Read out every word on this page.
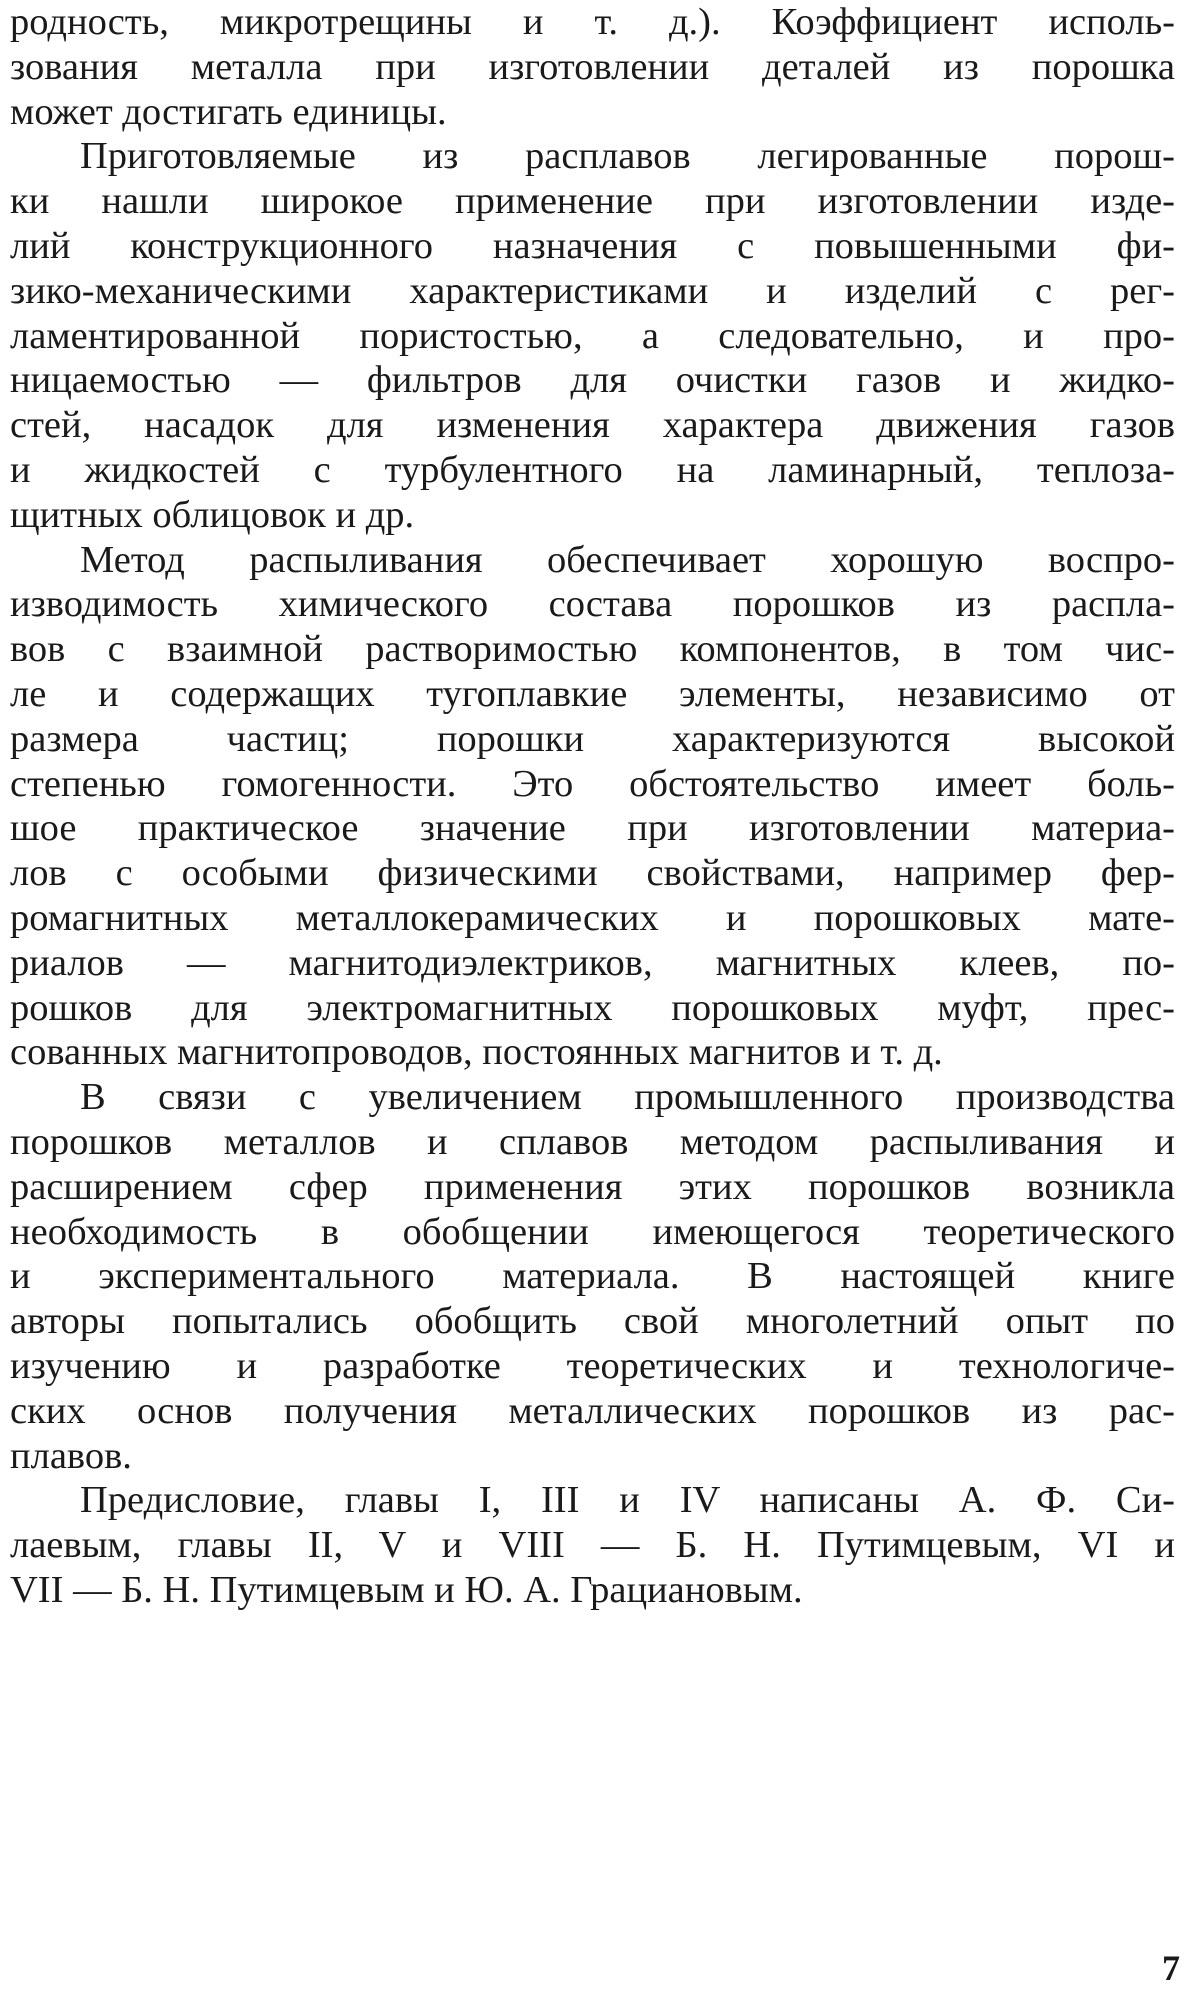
родность, микротрещины и т. д.). Коэффициент исполь-
зования металла при изготовлении деталей из порошка
может достигать единицы.
Приготовляемые из расплавов легированные порош-
ки нашли широкое применение при изготовлении изде-
лий конструкционного назначения с повышенными фи-
зико-механическими характеристиками и изделий с рег-
ламентированной пористостью, а следовательно, и про-
ницаемостью — фильтров для очистки газов и жидко-
стей, насадок для изменения характера движения газов
и жидкостей с турбулентного на ламинарный, теплоза-
щитных облицовок и др.
Метод распыливания обеспечивает хорошую воспро-
изводимость химического состава порошков из распла-
вов с взаимной растворимостью компонентов, в том чис-
ле и содержащих тугоплавкие элементы, независимо от
размера частиц; порошки характеризуются высокой
степенью гомогенности. Это обстоятельство имеет боль-
шое практическое значение при изготовлении материа-
лов с особыми физическими свойствами, например фер-
ромагнитных металлокерамических и порошковых мате-
риалов — магнитодиэлектриков, магнитных клеев, по-
рошков для электромагнитных порошковых муфт, прес-
сованных магнитопроводов, постоянных магнитов и т. д.
В связи с увеличением промышленного производства
порошков металлов и сплавов методом распыливания и
расширением сфер применения этих порошков возникла
необходимость в обобщении имеющегося теоретического
и экспериментального материала. В настоящей книге
авторы попытались обобщить свой многолетний опыт по
изучению и разработке теоретических и технологиче-
ских основ получения металлических порошков из рас-
плавов.
Предисловие, главы I, III и IV написаны А. Ф. Си-
лаевым, главы II, V и VIII — Б. Н. Путимцевым, VI и
VII — Б. Н. Путимцевым и Ю. А. Грациановым.
7
